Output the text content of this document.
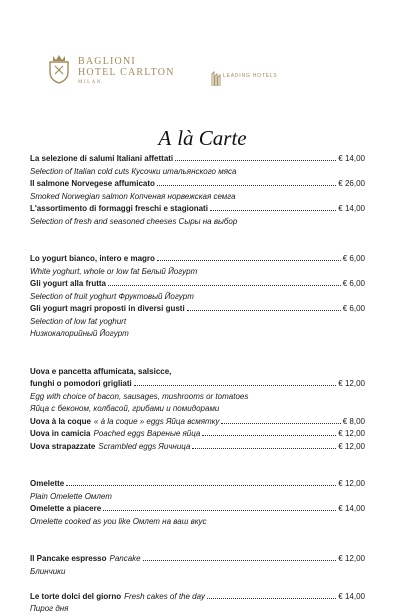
BAGLIONI
HOTEL CARLTON
MILAN
LEADING HOTELS
A là Carte
La selezione di salumi Italiani affettati	€ 14,00
Selection of Italian cold cuts Кусочки итальянского мяса
Il salmone Norvegese affumicato	€ 26,00
Smoked Norwegian salmon Копченая норвежская семга
L'assortimento di formaggi freschi e stagionati	€ 14,00
Selection of fresh and seasoned cheeses Сыры на выбор
Lo yogurt bianco, intero e magro	€ 6,00
White yoghurt, whole or low fat Белый Йогурт
Gli yogurt alla frutta	€ 6,00
Selection of fruit yoghurt Фруктовый Йогурт
Gli yogurt magri proposti in diversi gusti	€ 6,00
Selection of low fat yoghurt
Низкокалорийный Йогурт
Uova e pancetta affumicata, salsicce,
funghi o pomodori grigliati	€ 12,00
Egg with choice of bacon, sausages, mushrooms or tomatoes
Яйца с беконом, колбасой, грибами и помидорами
Uova à la coque « à la coque » eggs Яйца всмятку	€ 8,00
Uova in camicia Poached eggs Вареные яйца	€ 12,00
Uova strapazzate Scrambled eggs Яичница	€ 12,00
Omelette	€ 12,00
Plain Omelette Омлет
Omelette a piacere	€ 14,00
Omelette cooked as you like Омлет на ваш вкус
Il Pancake espresso Pancake	€ 12,00
Блинчики
Le torte dolci del giorno Fresh cakes of the day	€ 14,00
Пирог дня
